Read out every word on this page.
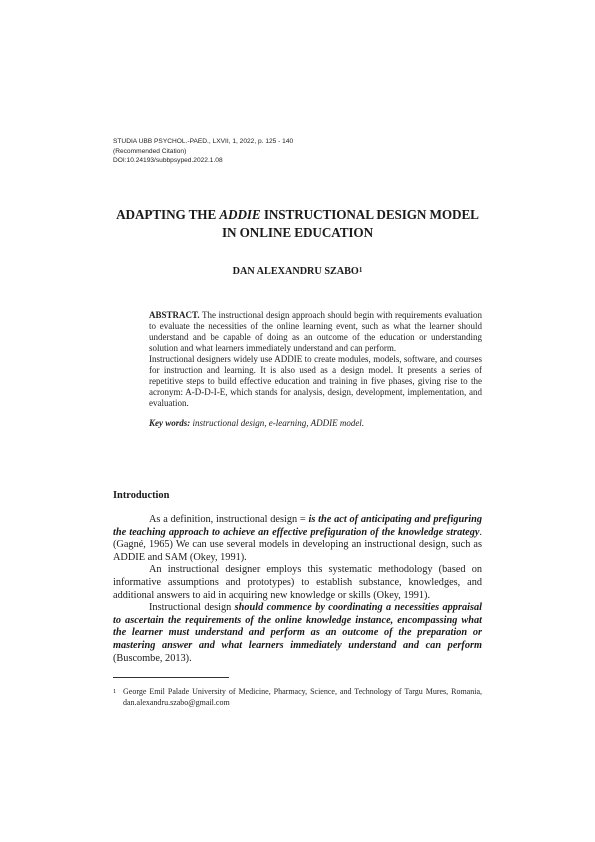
STUDIA UBB PSYCHOL.-PAED., LXVII, 1, 2022, p. 125 - 140
(Recommended Citation)
DOI:10.24193/subbpsyped.2022.1.08
ADAPTING THE ADDIE INSTRUCTIONAL DESIGN MODEL
IN ONLINE EDUCATION
DAN ALEXANDRU SZABO$^1$

ABSTRACT. The instructional design approach should begin with requirements evaluation to evaluate the necessities of the online learning event, such as what the learner should understand and be capable of doing as an outcome of the education or understanding solution and what learners immediately understand and can perform.

Instructional designers widely use ADDIE to create modules, models, software, and courses for instruction and learning. It is also used as a design model. It presents a series of repetitive steps to build effective education and training in five phases, giving rise to the acronym: A-D-D-I-E, which stands for analysis, design, development, implementation, and evaluation.

Key words: instructional design, e-learning, ADDIE model.

Introduction

As a definition, instructional design = is the act of anticipating and prefiguring the teaching approach to achieve an effective prefiguration of the knowledge strategy. (Gagné, 1965) We can use several models in developing an instructional design, such as ADDIE and SAM (Okey, 1991).

An instructional designer employs this systematic methodology (based on informative assumptions and prototypes) to establish substance, knowledges, and additional answers to aid in acquiring new knowledge or skills (Okey, 1991).

Instructional design should commence by coordinating a necessities appraisal to ascertain the requirements of the online knowledge instance, encompassing what the learner must understand and perform as an outcome of the preparation or mastering answer and what learners immediately understand and can perform (Buscombe, 2013).

1 George Emil Palade University of Medicine, Pharmacy, Science, and Technology of Targu Mures, Romania, dan.alexandru.szabo@gmail.com
